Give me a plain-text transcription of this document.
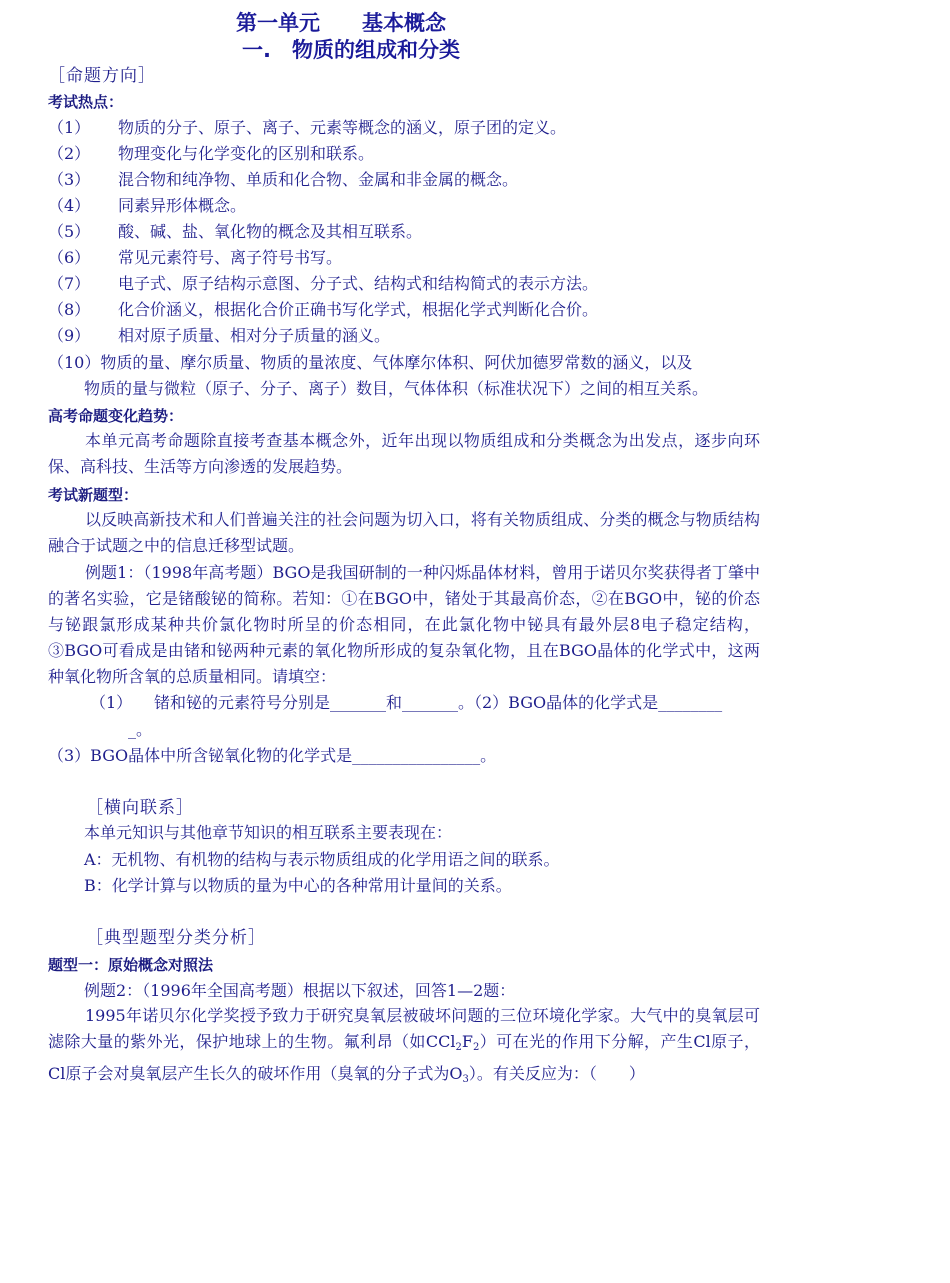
第一单元　　基本概念
一.　物质的组成和分类
［命题方向］
考试热点：
（1） 物质的分子、原子、离子、元素等概念的涵义，原子团的定义。
（2） 物理变化与化学变化的区别和联系。
（3） 混合物和纯净物、单质和化合物、金属和非金属的概念。
（4） 同素异形体概念。
（5） 酸、碱、盐、氧化物的概念及其相互联系。
（6） 常见元素符号、离子符号书写。
（7） 电子式、原子结构示意图、分子式、结构式和结构简式的表示方法。
（8） 化合价涵义，根据化合价正确书写化学式，根据化学式判断化合价。
（9） 相对原子质量、相对分子质量的涵义。
（10）物质的量、摩尔质量、物质的量浓度、气体摩尔体积、阿伏加德罗常数的涵义，以及
物质的量与微粒（原子、分子、离子）数目，气体体积（标准状况下）之间的相互关系。
高考命题变化趋势：
本单元高考命题除直接考查基本概念外，近年出现以物质组成和分类概念为出发点，逐步向环保、高科技、生活等方向渗透的发展趋势。
考试新题型：
以反映高新技术和人们普遍关注的社会问题为切入口，将有关物质组成、分类的概念与物质结构融合于试题之中的信息迁移型试题。
例题1：（1998年高考题）BGO是我国研制的一种闪烁晶体材料，曾用于诺贝尔奖获得者丁肇中的著名实验，它是锗酸铋的简称。若知：①在BGO中，锗处于其最高价态，②在BGO中，铋的价态与铋跟氯形成某种共价氯化物时所呈的价态相同，在此氯化物中铋具有最外层8电子稳定结构，③BGO可看成是由锗和铋两种元素的氧化物所形成的复杂氧化物，且在BGO晶体的化学式中，这两种氧化物所含氧的总质量相同。请填空：
（1） 锗和铋的元素符号分别是_______和_______。（2）BGO晶体的化学式是________
_。
（3）BGO晶体中所含铋氧化物的化学式是________________。
［横向联系］
本单元知识与其他章节知识的相互联系主要表现在：
A：无机物、有机物的结构与表示物质组成的化学用语之间的联系。
B：化学计算与以物质的量为中心的各种常用计量间的关系。
［典型题型分类分析］
题型一：原始概念对照法
例题2：（1996年全国高考题）根据以下叙述，回答1—2题：
1995年诺贝尔化学奖授予致力于研究臭氧层被破坏问题的三位环境化学家。大气中的臭氧层可滤除大量的紫外光，保护地球上的生物。氟利昂（如$CCl_2F_2$）可在光的作用下分解，产生Cl原子，Cl原子会对臭氧层产生长久的破坏作用（臭氧的分子式为$O_3$）。有关反应为：（　　）
